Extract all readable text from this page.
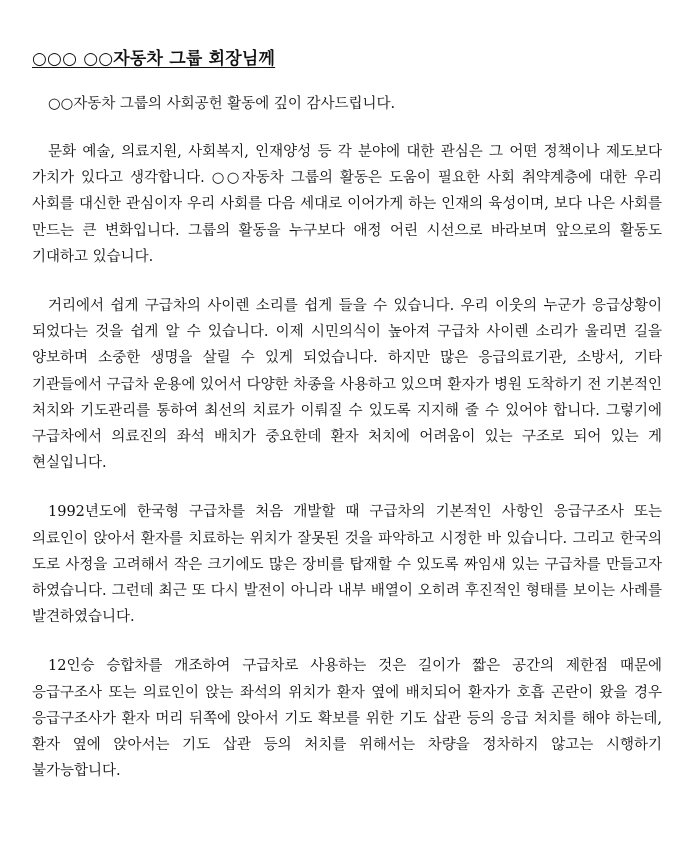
○○○ ○○자동차 그룹 회장님께

○○자동차 그룹의 사회공헌 활동에 깊이 감사드립니다.

문화 예술, 의료지원, 사회복지, 인재양성 등 각 분야에 대한 관심은 그 어떤 정책이나 제도보다 가치가 있다고 생각합니다. ○○자동차 그룹의 활동은 도움이 필요한 사회 취약계층에 대한 우리 사회를 대신한 관심이자 우리 사회를 다음 세대로 이어가게 하는 인재의 육성이며, 보다 나은 사회를 만드는 큰 변화입니다. 그룹의 활동을 누구보다 애정 어린 시선으로 바라보며 앞으로의 활동도 기대하고 있습니다.

거리에서 쉽게 구급차의 사이렌 소리를 쉽게 들을 수 있습니다. 우리 이웃의 누군가 응급상황이 되었다는 것을 쉽게 알 수 있습니다. 이제 시민의식이 높아져 구급차 사이렌 소리가 울리면 길을 양보하며 소중한 생명을 살릴 수 있게 되었습니다. 하지만 많은 응급의료기관, 소방서, 기타 기관들에서 구급차 운용에 있어서 다양한 차종을 사용하고 있으며 환자가 병원 도착하기 전 기본적인 처치와 기도관리를 통하여 최선의 치료가 이뤄질 수 있도록 지지해 줄 수 있어야 합니다. 그렇기에 구급차에서 의료진의 좌석 배치가 중요한데 환자 처치에 어려움이 있는 구조로 되어 있는 게 현실입니다.

1992년도에 한국형 구급차를 처음 개발할 때 구급차의 기본적인 사항인 응급구조사 또는 의료인이 앉아서 환자를 치료하는 위치가 잘못된 것을 파악하고 시정한 바 있습니다. 그리고 한국의 도로 사정을 고려해서 작은 크기에도 많은 장비를 탑재할 수 있도록 짜임새 있는 구급차를 만들고자 하였습니다. 그런데 최근 또 다시 발전이 아니라 내부 배열이 오히려 후진적인 형태를 보이는 사례를 발견하였습니다.

12인승 승합차를 개조하여 구급차로 사용하는 것은 길이가 짧은 공간의 제한점 때문에 응급구조사 또는 의료인이 앉는 좌석의 위치가 환자 옆에 배치되어 환자가 호흡 곤란이 왔을 경우 응급구조사가 환자 머리 뒤쪽에 앉아서 기도 확보를 위한 기도 삽관 등의 응급 처치를 해야 하는데, 환자 옆에 앉아서는 기도 삽관 등의 처치를 위해서는 차량을 정차하지 않고는 시행하기 불가능합니다.
